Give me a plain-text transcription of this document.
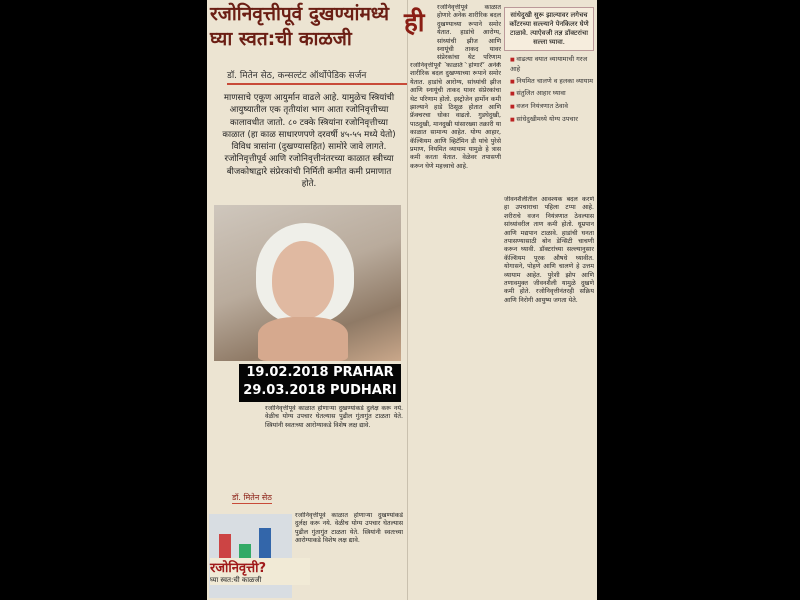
रजोनिवृत्तीपूर्व दुखण्यांमध्ये घ्या स्वत:ची काळजी
डॉ. मितेन सेठ, कन्सल्टंट ऑर्थोपेडिक सर्जन
माणसाचे एकूण आयुर्मान वाढले आहे. यामुळेच स्त्रियांची आयुष्यातील एक तृतीयांश भाग आता रजोनिवृत्तीच्या कालावधीत जातो. ८० टक्के स्त्रियांना रजोनिवृत्तीच्या काळात (हा काळ साधारणपणे दरवर्षी ४५-५५ मध्ये येतो) विविध त्रासांना (दुखण्यासहित) सामोरे जावे लागते. रजोनिवृत्तीपूर्व आणि रजोनिवृत्तीनंतरच्या काळात स्त्रीच्या बीजकोषाद्वारे संप्रेरकांची निर्मिती कमीत कमी प्रमाणात होते.
19.02.2018 PRAHAR
29.03.2018 PUDHARI
रजोनिवृत्तीपूर्व काळात होणाऱ्या दुखण्यांकडे दुर्लक्ष करू नये. वेळीच योग्य उपचार घेतल्यास पुढील गुंतागुंत टाळता येते. स्त्रियांनी स्वतःच्या आरोग्याकडे विशेष लक्ष द्यावे.
डॉ. मितेन सेठ
रजोनिवृत्ती?
घ्या स्वत:ची काळजी
रजोनिवृत्तीपूर्व काळात होणाऱ्या दुखण्यांकडे दुर्लक्ष करू नये. वेळीच योग्य उपचार घेतल्यास पुढील गुंतागुंत टाळता येते. स्त्रियांनी स्वतःच्या आरोग्याकडे विशेष लक्ष द्यावे.
ही
रजोनिवृत्तीपूर्व काळात होणारे अनेक शारीरिक बदल दुखण्याच्या रूपाने समोर येतात. हाडांचे आरोग्य, सांध्यांची झीज आणि स्नायूंची ताकद यावर संप्रेरकांचा थेट परिणाम
रजोनिवृत्तीपूर्व काळात होणारे अनेक शारीरिक बदल दुखण्याच्या रूपाने समोर येतात. हाडांचे आरोग्य, सांध्यांची झीज आणि स्नायूंची ताकद यावर संप्रेरकांचा थेट परिणाम होतो. इस्ट्रोजेन हार्मोन कमी झाल्याने हाडे ठिसूळ होतात आणि फ्रॅक्चरचा धोका वाढतो. गुडघेदुखी, पाठदुखी, मानदुखी यांसारख्या तक्रारी या काळात सामान्य आहेत. योग्य आहार, कॅल्शियम आणि व्हिटॅमिन डी यांचे पुरेसे प्रमाण, नियमित व्यायाम यामुळे हे त्रास कमी करता येतात. वेळेवर तपासणी करून घेणे महत्त्वाचे आहे.
सांधेदुखी सुरू झाल्यावर लगेचच कॉंटरच्या सल्ल्याने पेनकिलर घेणे टाळावे. त्याऐवजी तज्ञ डॉक्टरांचा सल्ला घ्यावा.
■ वाढत्या वयात व्यायामाची गरज आहे
■ नियमित चालणे व हलका व्यायाम
■ संतुलित आहार घ्यावा
■ वजन नियंत्रणात ठेवावे
■ सांधेदुखीमध्ये योग्य उपचार
जीवनशैलीतील आवश्यक बदल करणे हा उपचाराचा पहिला टप्पा आहे. शरीराचे वजन नियंत्रणात ठेवल्यास सांध्यांवरील ताण कमी होतो. धूम्रपान आणि मद्यपान टाळावे. हाडांची घनता तपासण्यासाठी बोन डेन्सिटी चाचणी करून घ्यावी. डॉक्टरांच्या सल्ल्यानुसार कॅल्शियम पूरक औषधे घ्यावीत. योगासने, पोहणे आणि चालणे हे उत्तम व्यायाम आहेत. पुरेशी झोप आणि तणावमुक्त जीवनशैली यामुळे दुखणे कमी होते. रजोनिवृत्तीनंतरही सक्रिय आणि निरोगी आयुष्य जगता येते.
